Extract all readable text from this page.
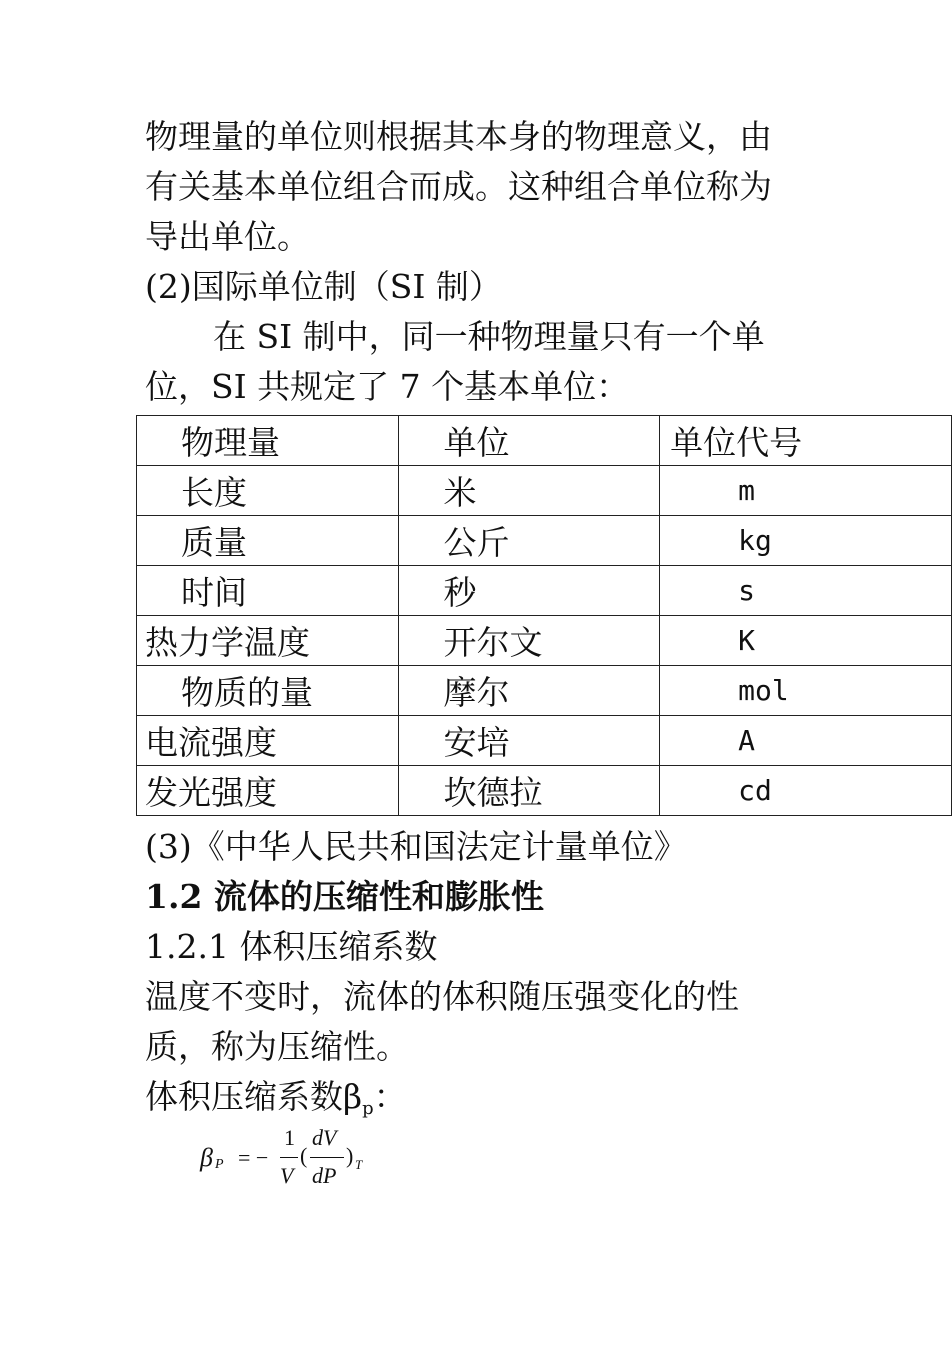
物理量的单位则根据其本身的物理意义，由
有关基本单位组合而成。这种组合单位称为
导出单位。
(2)国际单位制（SI 制）
在 SI 制中，同一种物理量只有一个单
位，SI 共规定了 7 个基本单位：
物理量	单位	单位代号
长度	米	m
质量	公斤	kg
时间	秒	s
热力学温度	开尔文	K
物质的量	摩尔	mol
电流强度	安培	A
发光强度	坎德拉	cd
(3)《中华人民共和国法定计量单位》
1.2 流体的压缩性和膨胀性
1.2.1 体积压缩系数
温度不变时，流体的体积随压强变化的性
质，称为压缩性。
体积压缩系数$\beta_p$：
β P = −
1
V
(
dV
dP
) T
